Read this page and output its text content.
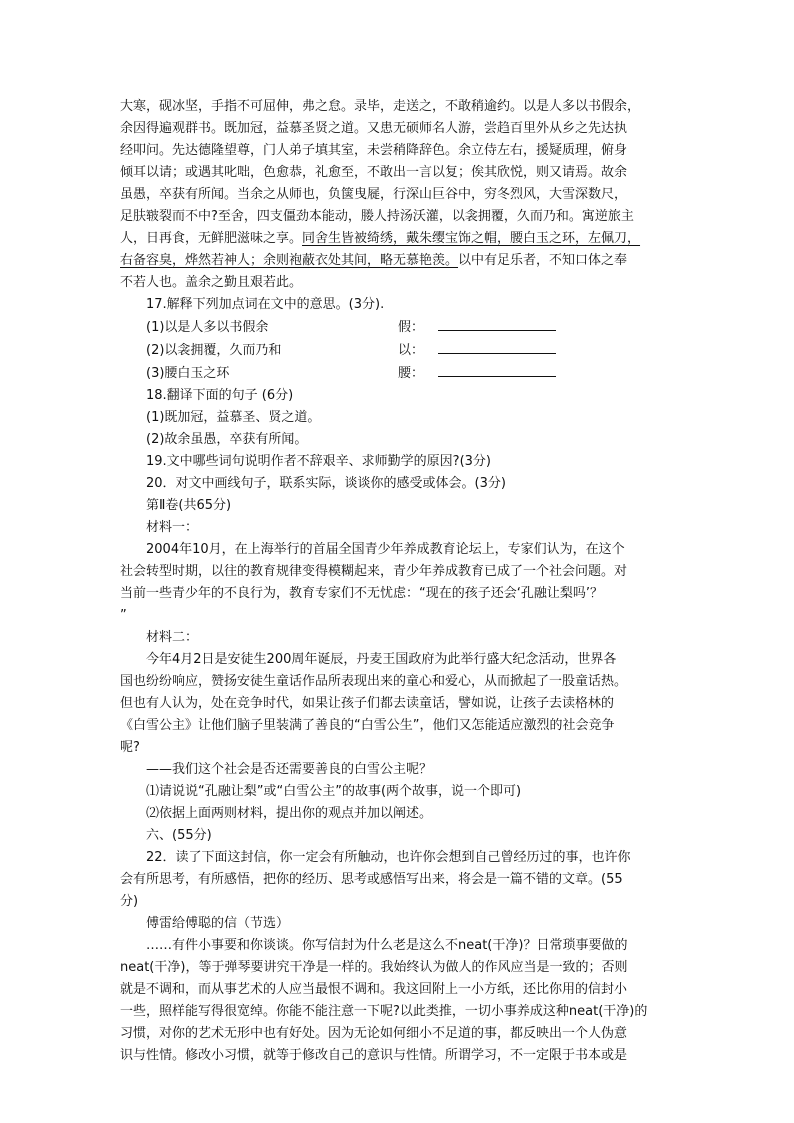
大寒，砚冰坚，手指不可屈伸，弗之怠。录毕，走送之，不敢稍逾约。以是人多以书假余，

余因得遍观群书。既加冠，益慕圣贤之道。又患无硕师名人游，尝趋百里外从乡之先达执

经叩问。先达德隆望尊，门人弟子填其室，未尝稍降辞色。余立侍左右，援疑质理，俯身

倾耳以请；或遇其叱咄，色愈恭，礼愈至，不敢出一言以复；俟其欣悦，则又请焉。故余

虽愚，卒获有所闻。当余之从师也，负箧曳屣，行深山巨谷中，穷冬烈风，大雪深数尺，

足肤皲裂而不中?至舍，四支僵劲本能动，媵人持汤沃灌，以衾拥覆，久而乃和。寓逆旅主

人，日再食，无鲜肥滋味之享。同舍生皆被绮绣，戴朱缨宝饰之帽，腰白玉之环，左佩刀，

右备容臭，烨然若神人；余则袍蔽衣处其间，略无慕艳羡。以中有足乐者，不知口体之奉

不若人也。盖余之勤且艰若此。

17.解释下列加点词在文中的意思。(3分).

(1)以是人多以书假余	假：
(2)以衾拥覆，久而乃和	以：
(3)腰白玉之环	腰：

18.翻译下面的句子 (6分)

(1)既加冠，益慕圣、贤之道。

(2)故余虽愚，卒获有所闻。

19.文中哪些词句说明作者不辞艰辛、求师勤学的原因?(3分)

20．对文中画线句子，联系实际，谈谈你的感受或体会。(3分)

第Ⅱ卷(共65分)

材料一：

2004年10月，在上海举行的首届全国青少年养成教育论坛上，专家们认为，在这个

社会转型时期，以往的教育规律变得模糊起来，青少年养成教育已成了一个社会问题。对

当前一些青少年的不良行为，教育专家们不无忧虑：“现在的孩子还会‘孔融让梨吗’？

”

材料二：

今年4月2日是安徒生200周年诞辰，丹麦王国政府为此举行盛大纪念活动，世界各

国也纷纷响应，赞扬安徒生童话作品所表现出来的童心和爱心，从而掀起了一股童话热。

但也有人认为，处在竞争时代，如果让孩子们都去读童话，譬如说，让孩子去读格林的

《白雪公主》让他们脑子里装满了善良的“白雪公生”，他们又怎能适应激烈的社会竞争

呢?

——我们这个社会是否还需要善良的白雪公主呢？

⑴请说说“孔融让梨”或“白雪公主”的故事(两个故事，说一个即可)

⑵依据上面两则材料，提出你的观点并加以阐述。

六、(55分)

22．读了下面这封信，你一定会有所触动，也许你会想到自己曾经历过的事，也许你

会有所思考，有所感悟，把你的经历、思考或感悟写出来，将会是一篇不错的文章。(55

分)

傅雷给傅聪的信（节选）

……有件小事要和你谈谈。你写信封为什么老是这么不neat(干净)？日常琐事要做的

neat(干净)，等于弹琴要讲究干净是一样的。我始终认为做人的作风应当是一致的；否则

就是不调和，而从事艺术的人应当最恨不调和。我这回附上一小方纸，还比你用的信封小

一些，照样能写得很宽绰。你能不能注意一下呢?以此类推，一切小事养成这种neat(干净)的

习惯，对你的艺术无形中也有好处。因为无论如何细小不足道的事，都反映出一个人伪意

识与性情。修改小习惯，就等于修改自己的意识与性情。所谓学习，不一定限于书本或是
